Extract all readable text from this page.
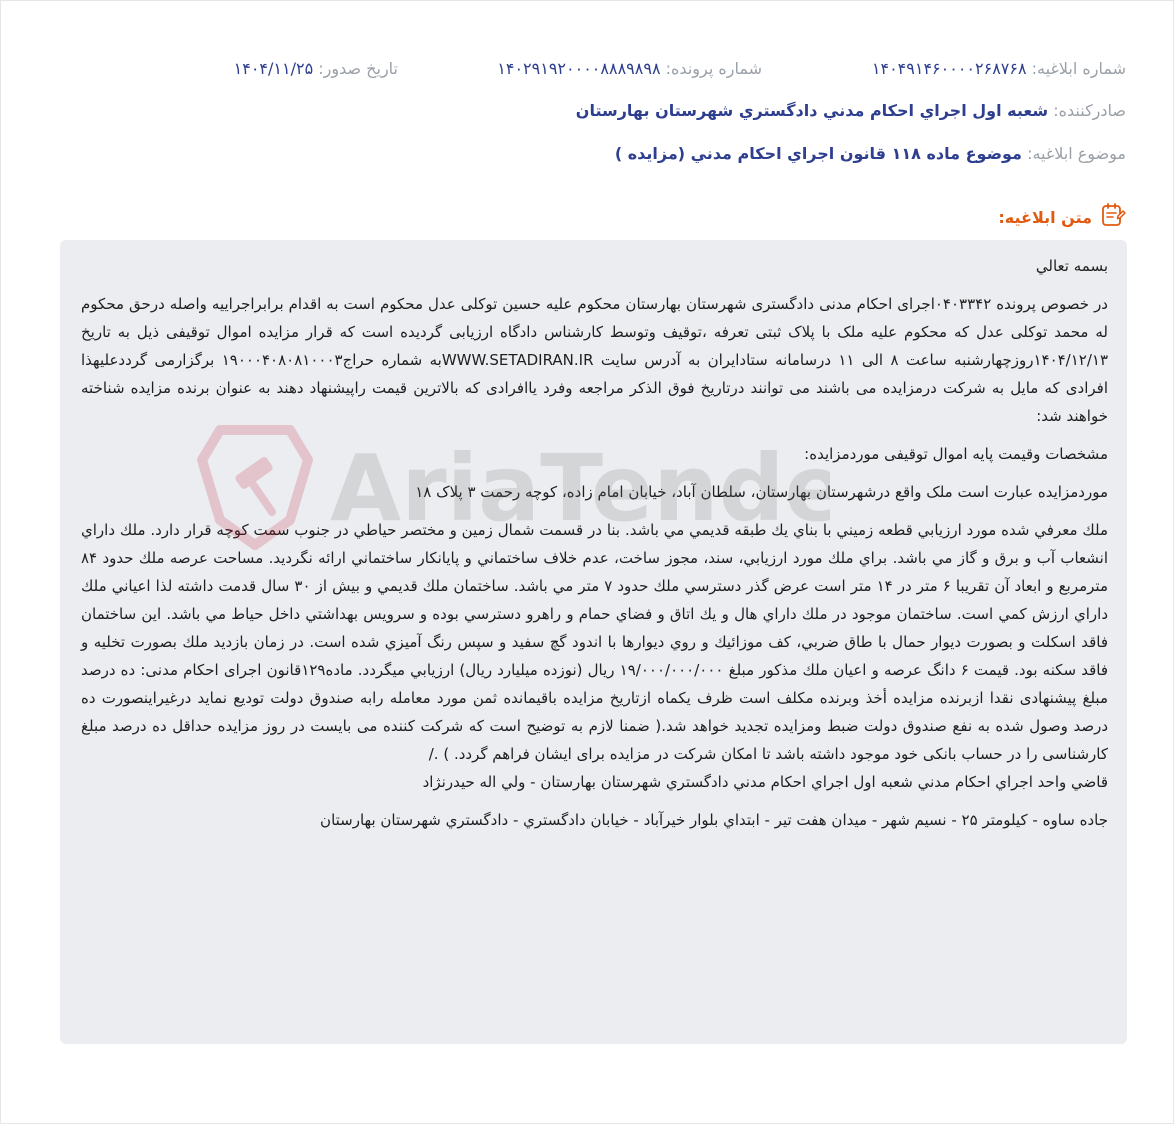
شماره ابلاغیه: ۱۴۰۴۹۱۴۶۰۰۰۰۲۶۸۷۶۸
شماره پرونده: ۱۴۰۲۹۱۹۲۰۰۰۰۸۸۸۹۸۹۸
تاریخ صدور: ۱۴۰۴/۱۱/۲۵
صادرکننده: شعبه اول اجراي احكام مدني دادگستري شهرستان بهارستان
موضوع ابلاغیه: موضوع ماده ۱۱۸ قانون اجراي احكام مدني (مزايده )
متن ابلاغیه:

بسمه تعالي

در خصوص پرونده ۰۴۰۳۳۴۲اجرای احکام مدنی دادگستری شهرستان بهارستان محکوم علیه حسین توکلی عدل محکوم است به اقدام برابراجراییه واصله درحق محکوم له محمد توکلی عدل که محکوم علیه ملک با پلاک ثبتی تعرفه ،توقیف وتوسط کارشناس دادگاه ارزیابی گردیده است که قرار مزایده اموال توقیفی ذیل به تاریخ ۱۴۰۴/۱۲/۱۳روزچهارشنبه ساعت ۸ الی ۱۱ درسامانه ستادایران به آدرس سایت WWW.SETADIRAN.IRبه شماره حراج۱۹۰۰۰۴۰۸۰۸۱۰۰۰۳ برگزارمی گرددعلیهذا افرادی که مایل به شرکت درمزایده می باشند می توانند درتاریخ فوق الذکر مراجعه وفرد یاافرادی که بالاترین قیمت راپیشنهاد دهند به عنوان برنده مزایده شناخته خواهند شد:

مشخصات وقیمت پایه اموال توقیفی موردمزایده:

موردمزایده عبارت است ملک واقع درشهرستان بهارستان، سلطان آباد، خیابان امام زاده، کوچه رحمت ۳ پلاک ۱۸

ملك معرفي شده مورد ارزيابي قطعه زميني با بناي يك طبقه قديمي مي باشد. بنا در قسمت شمال زمين و مختصر حياطي در جنوب سمت كوچه قرار دارد. ملك داراي انشعاب آب و برق و گاز مي باشد. براي ملك مورد ارزيابي، سند، مجوز ساخت، عدم خلاف ساختماني و پايانكار ساختماني ارائه نگرديد. مساحت عرصه ملك حدود ۸۴ مترمربع و ابعاد آن تقريبا ۶ متر در ۱۴ متر است عرض گذر دسترسي ملك حدود ۷ متر مي باشد. ساختمان ملك قديمي و بيش از ۳۰ سال قدمت داشته لذا اعياني ملك داراي ارزش كمي است. ساختمان موجود در ملك داراي هال و يك اتاق و فضاي حمام و راهرو دسترسي بوده و سرويس بهداشتي داخل حياط مي باشد. اين ساختمان فاقد اسكلت و بصورت ديوار حمال با طاق ضربي، كف موزائيك و روي ديوارها با اندود گچ سفيد و سپس رنگ آميزي شده است. در زمان بازديد ملك بصورت تخليه و فاقد سكنه بود. قيمت ۶ دانگ عرصه و اعيان ملك مذكور مبلغ ۱۹/۰۰۰/۰۰۰/۰۰۰ ريال (نوزده ميليارد ريال) ارزيابي ميگردد. ماده۱۲۹قانون اجرای احکام مدنی: ده درصد مبلغ پیشنهادی نقدا ازبرنده مزایده أخذ وبرنده مکلف است ظرف یکماه ازتاریخ مزایده باقیمانده ثمن مورد معامله رابه صندوق دولت تودیع نماید درغیراینصورت ده درصد وصول شده به نفع صندوق دولت ضبط ومزایده تجدید خواهد شد.( ضمنا لازم به توضیح است که شرکت کننده می بایست در روز مزایده حداقل ده درصد مبلغ کارشناسی را در حساب بانکی خود موجود داشته باشد تا امکان شرکت در مزایده برای ایشان فراهم گردد. ) ./

قاضي واحد اجراي احكام مدني شعبه اول اجراي احكام مدني دادگستري شهرستان بهارستان - ولي اله حيدرنژاد

جاده ساوه - كيلومتر ۲۵ - نسيم شهر - ميدان هفت تير - ابتداي بلوار خيرآباد - خيابان دادگستري - دادگستري شهرستان بهارستان
